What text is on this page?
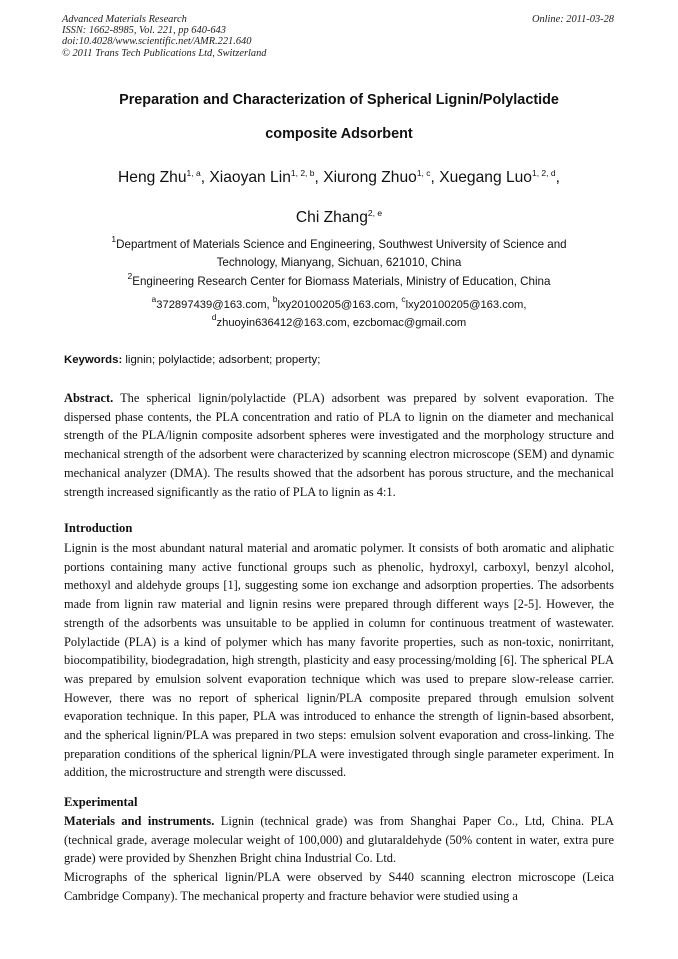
Advanced Materials Research
ISSN: 1662-8985, Vol. 221, pp 640-643
doi:10.4028/www.scientific.net/AMR.221.640
© 2011 Trans Tech Publications Ltd, Switzerland
Online: 2011-03-28
Preparation and Characterization of Spherical Lignin/Polylactide
composite Adsorbent
Heng Zhu$^{1, a}$, Xiaoyan Lin$^{1, 2, b}$, Xiurong Zhuo$^{1, c}$, Xuegang Luo$^{1, 2, d}$,
Chi Zhang$^{2, e}$
$^1$Department of Materials Science and Engineering, Southwest University of Science and
Technology, Mianyang, Sichuan, 621010, China
$^2$Engineering Research Center for Biomass Materials, Ministry of Education, China
$^a$372897439@163.com, $^b$lxy20100205@163.com, $^c$lxy20100205@163.com,
$^d$zhuoyin636412@163.com, ezcbomac@gmail.com
Keywords: lignin; polylactide; adsorbent; property;

Abstract. The spherical lignin/polylactide (PLA) adsorbent was prepared by solvent evaporation. The dispersed phase contents, the PLA concentration and ratio of PLA to lignin on the diameter and mechanical strength of the PLA/lignin composite adsorbent spheres were investigated and the morphology structure and mechanical strength of the adsorbent were characterized by scanning electron microscope (SEM) and dynamic mechanical analyzer (DMA). The results showed that the adsorbent has porous structure, and the mechanical strength increased significantly as the ratio of PLA to lignin as 4:1.

Introduction

Lignin is the most abundant natural material and aromatic polymer. It consists of both aromatic and aliphatic portions containing many active functional groups such as phenolic, hydroxyl, carboxyl, benzyl alcohol, methoxyl and aldehyde groups [1], suggesting some ion exchange and adsorption properties. The adsorbents made from lignin raw material and lignin resins were prepared through different ways [2-5]. However, the strength of the adsorbents was unsuitable to be applied in column for continuous treatment of wastewater. Polylactide (PLA) is a kind of polymer which has many favorite properties, such as non-toxic, nonirritant, biocompatibility, biodegradation, high strength, plasticity and easy processing/molding [6]. The spherical PLA was prepared by emulsion solvent evaporation technique which was used to prepare slow-release carrier. However, there was no report of spherical lignin/PLA composite prepared through emulsion solvent evaporation technique. In this paper, PLA was introduced to enhance the strength of lignin-based absorbent, and the spherical lignin/PLA was prepared in two steps: emulsion solvent evaporation and cross-linking. The preparation conditions of the spherical lignin/PLA were investigated through single parameter experiment. In addition, the microstructure and strength were discussed.

Experimental

Materials and instruments. Lignin (technical grade) was from Shanghai Paper Co., Ltd, China. PLA (technical grade, average molecular weight of 100,000) and glutaraldehyde (50% content in water, extra pure grade) were provided by Shenzhen Bright china Industrial Co. Ltd.

Micrographs of the spherical lignin/PLA were observed by S440 scanning electron microscope (Leica Cambridge Company). The mechanical property and fracture behavior were studied using a
